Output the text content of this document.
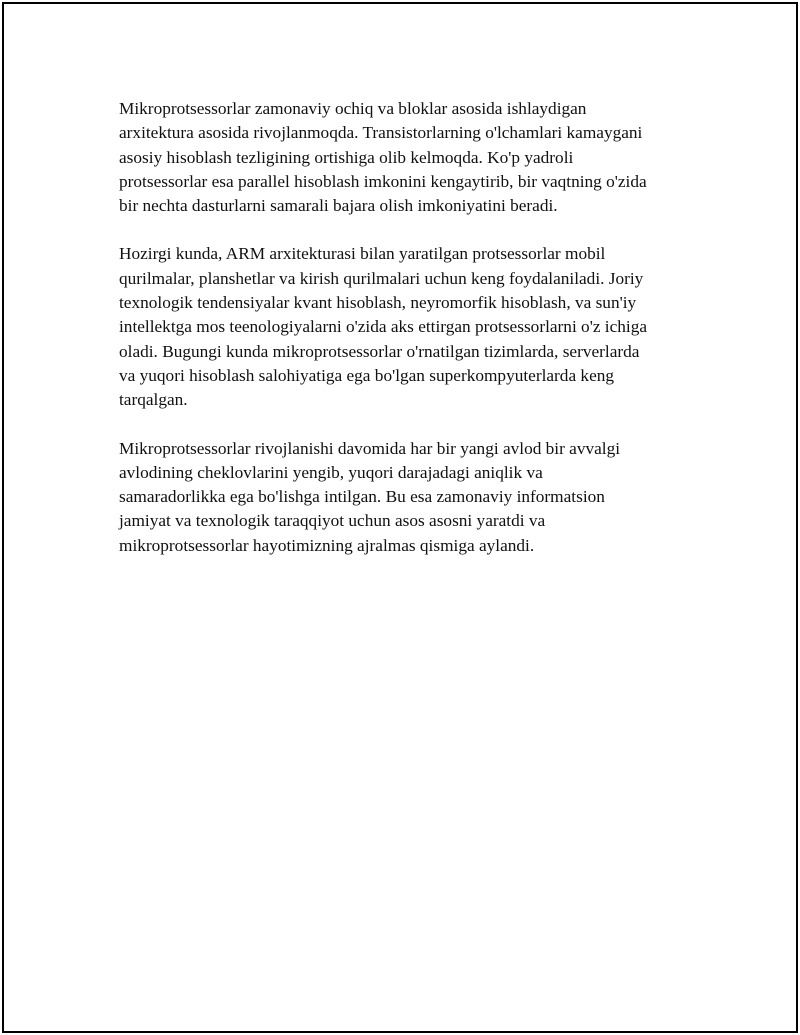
Mikroprotsessorlar zamonaviy ochiq va bloklar asosida ishlaydigan
arxitektura asosida rivojlanmoqda. Transistorlarning o'lchamlari kamaygani
asosiy hisoblash tezligining ortishiga olib kelmoqda. Ko'p yadroli
protsessorlar esa parallel hisoblash imkonini kengaytirib, bir vaqtning o'zida
bir nechta dasturlarni samarali bajara olish imkoniyatini beradi.

Hozirgi kunda, ARM arxitekturasi bilan yaratilgan protsessorlar mobil
qurilmalar, planshetlar va kirish qurilmalari uchun keng foydalaniladi. Joriy
texnologik tendensiyalar kvant hisoblash, neyromorfik hisoblash, va sun'iy
intellektga mos teenologiyalarni o'zida aks ettirgan protsessorlarni o'z ichiga
oladi. Bugungi kunda mikroprotsessorlar o'rnatilgan tizimlarda, serverlarda
va yuqori hisoblash salohiyatiga ega bo'lgan superkompyuterlarda keng
tarqalgan.

Mikroprotsessorlar rivojlanishi davomida har bir yangi avlod bir avvalgi
avlodining cheklovlarini yengib, yuqori darajadagi aniqlik va
samaradorlikka ega bo'lishga intilgan. Bu esa zamonaviy informatsion
jamiyat va texnologik taraqqiyot uchun asos asosni yaratdi va
mikroprotsessorlar hayotimizning ajralmas qismiga aylandi.
